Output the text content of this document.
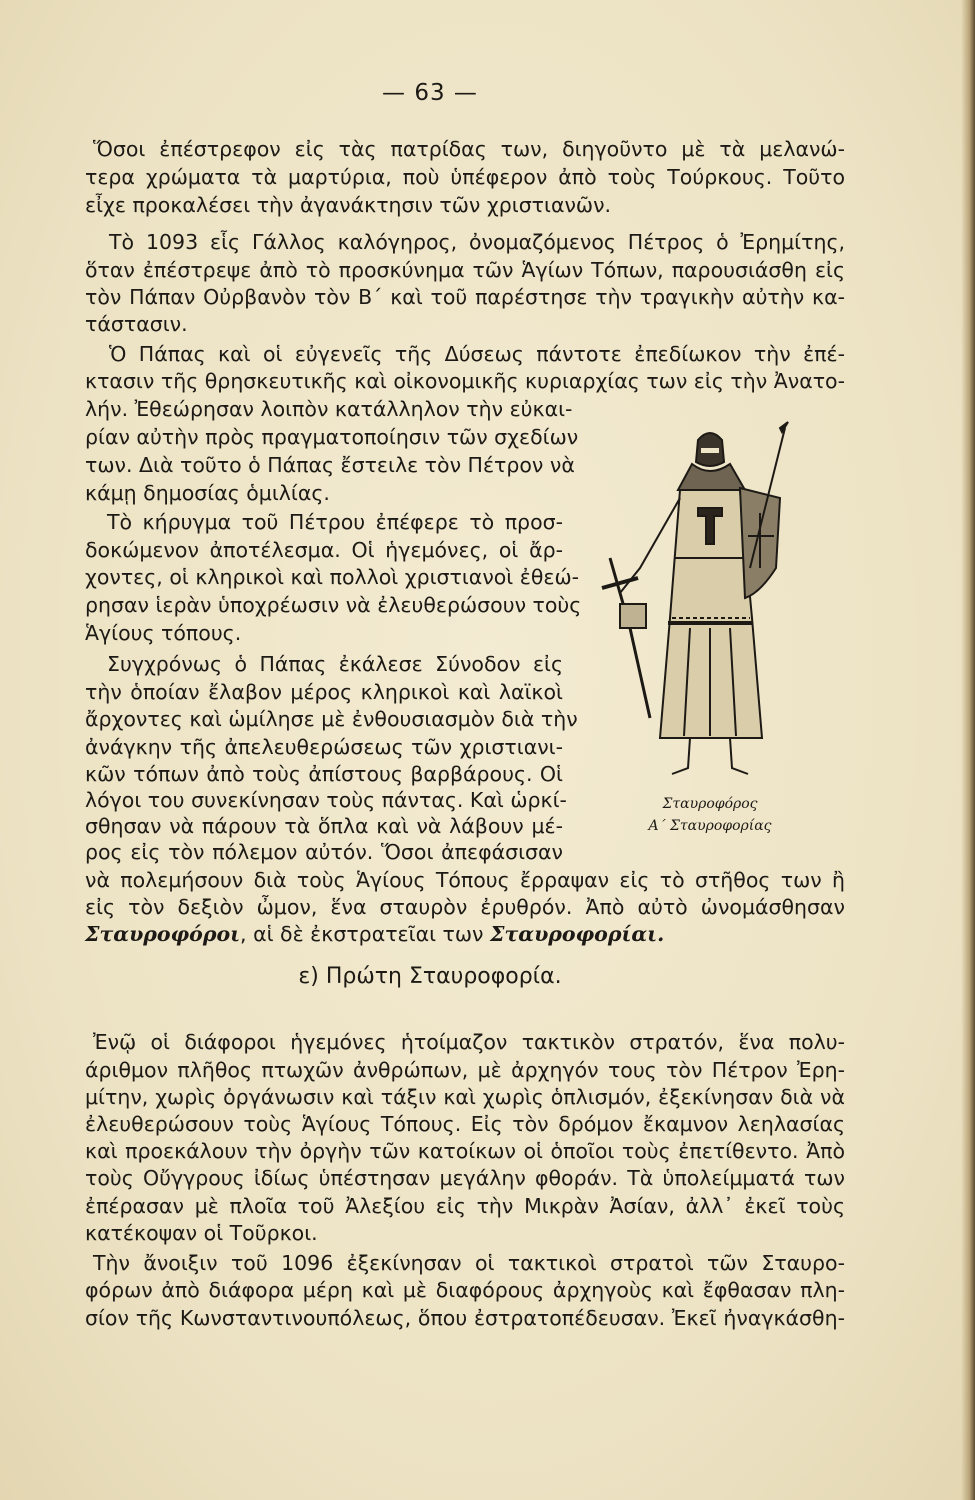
— 63 —
Ὅσοι ἐπέστρεφον εἰς τὰς πατρίδας των, διηγοῦντο μὲ τὰ μελανώ-
τερα χρώματα τὰ μαρτύρια, ποὺ ὑπέφερον ἀπὸ τοὺς Τούρκους. Τοῦτο
εἶχε προκαλέσει τὴν ἀγανάκτησιν τῶν χριστιανῶν.
Τὸ 1093 εἷς Γάλλος καλόγηρος, ὀνομαζόμενος Πέτρος ὁ Ἐρημίτης,
ὅταν ἐπέστρεψε ἀπὸ τὸ προσκύνημα τῶν Ἁγίων Τόπων, παρουσιάσθη εἰς
τὸν Πάπαν Οὐρβανὸν τὸν Β΄ καὶ τοῦ παρέστησε τὴν τραγικὴν αὐτὴν κα-
τάστασιν.
Ὁ Πάπας καὶ οἱ εὐγενεῖς τῆς Δύσεως πάντοτε ἐπεδίωκον τὴν ἐπέ-
κτασιν τῆς θρησκευτικῆς καὶ οἰκονομικῆς κυριαρχίας των εἰς τὴν Ἀνατο-
λήν. Ἐθεώρησαν λοιπὸν κατάλληλον τὴν εὐκαι-
ρίαν αὐτὴν πρὸς πραγματοποίησιν τῶν σχεδίων
των. Διὰ τοῦτο ὁ Πάπας ἔστειλε τὸν Πέτρον νὰ
κάμῃ δημοσίας ὁμιλίας.
Τὸ κήρυγμα τοῦ Πέτρου ἐπέφερε τὸ προσ-
δοκώμενον ἀποτέλεσμα. Οἱ ἡγεμόνες, οἱ ἄρ-
χοντες, οἱ κληρικοὶ καὶ πολλοὶ χριστιανοὶ ἐθεώ-
ρησαν ἱερὰν ὑποχρέωσιν νὰ ἐλευθερώσουν τοὺς
Ἁγίους τόπους.
Συγχρόνως ὁ Πάπας ἐκάλεσε Σύνοδον εἰς
τὴν ὁποίαν ἔλαβον μέρος κληρικοὶ καὶ λαϊκοὶ
ἄρχοντες καὶ ὡμίλησε μὲ ἐνθουσιασμὸν διὰ τὴν
ἀνάγκην τῆς ἀπελευθερώσεως τῶν χριστιανι-
κῶν τόπων ἀπὸ τοὺς ἀπίστους βαρβάρους. Οἱ
λόγοι του συνεκίνησαν τοὺς πάντας. Καὶ ὡρκί-
σθησαν νὰ πάρουν τὰ ὅπλα καὶ νὰ λάβουν μέ-
ρος εἰς τὸν πόλεμον αὐτόν. Ὅσοι ἀπεφάσισαν
Σταυροφόρος
Α΄ Σταυροφορίας
νὰ πολεμήσουν διὰ τοὺς Ἁγίους Τόπους ἔρραψαν εἰς τὸ στῆθος των ἢ
εἰς τὸν δεξιὸν ὦμον, ἕνα σταυρὸν ἐρυθρόν. Ἀπὸ αὐτὸ ὠνομάσθησαν
Σταυροφόροι, αἱ δὲ ἐκστρατεῖαι των Σταυροφορίαι.
ε) Πρώτη Σταυροφορία.
Ἐνῷ οἱ διάφοροι ἡγεμόνες ἡτοίμαζον τακτικὸν στρατόν, ἕνα πολυ-
άριθμον πλῆθος πτωχῶν ἀνθρώπων, μὲ ἀρχηγόν τους τὸν Πέτρον Ἐρη-
μίτην, χωρὶς ὀργάνωσιν καὶ τάξιν καὶ χωρὶς ὁπλισμόν, ἐξεκίνησαν διὰ νὰ
ἐλευθερώσουν τοὺς Ἁγίους Τόπους. Εἰς τὸν δρόμον ἔκαμνον λεηλασίας
καὶ προεκάλουν τὴν ὀργὴν τῶν κατοίκων οἱ ὁποῖοι τοὺς ἐπετίθεντο. Ἀπὸ
τοὺς Οὔγγρους ἰδίως ὑπέστησαν μεγάλην φθοράν. Τὰ ὑπολείμματά των
ἐπέρασαν μὲ πλοῖα τοῦ Ἀλεξίου εἰς τὴν Μικρὰν Ἀσίαν, ἀλλ᾽ ἐκεῖ τοὺς
κατέκοψαν οἱ Τοῦρκοι.
Τὴν ἄνοιξιν τοῦ 1096 ἐξεκίνησαν οἱ τακτικοὶ στρατοὶ τῶν Σταυρο-
φόρων ἀπὸ διάφορα μέρη καὶ μὲ διαφόρους ἀρχηγοὺς καὶ ἔφθασαν πλη-
σίον τῆς Κωνσταντινουπόλεως, ὅπου ἐστρατοπέδευσαν. Ἐκεῖ ἠναγκάσθη-
